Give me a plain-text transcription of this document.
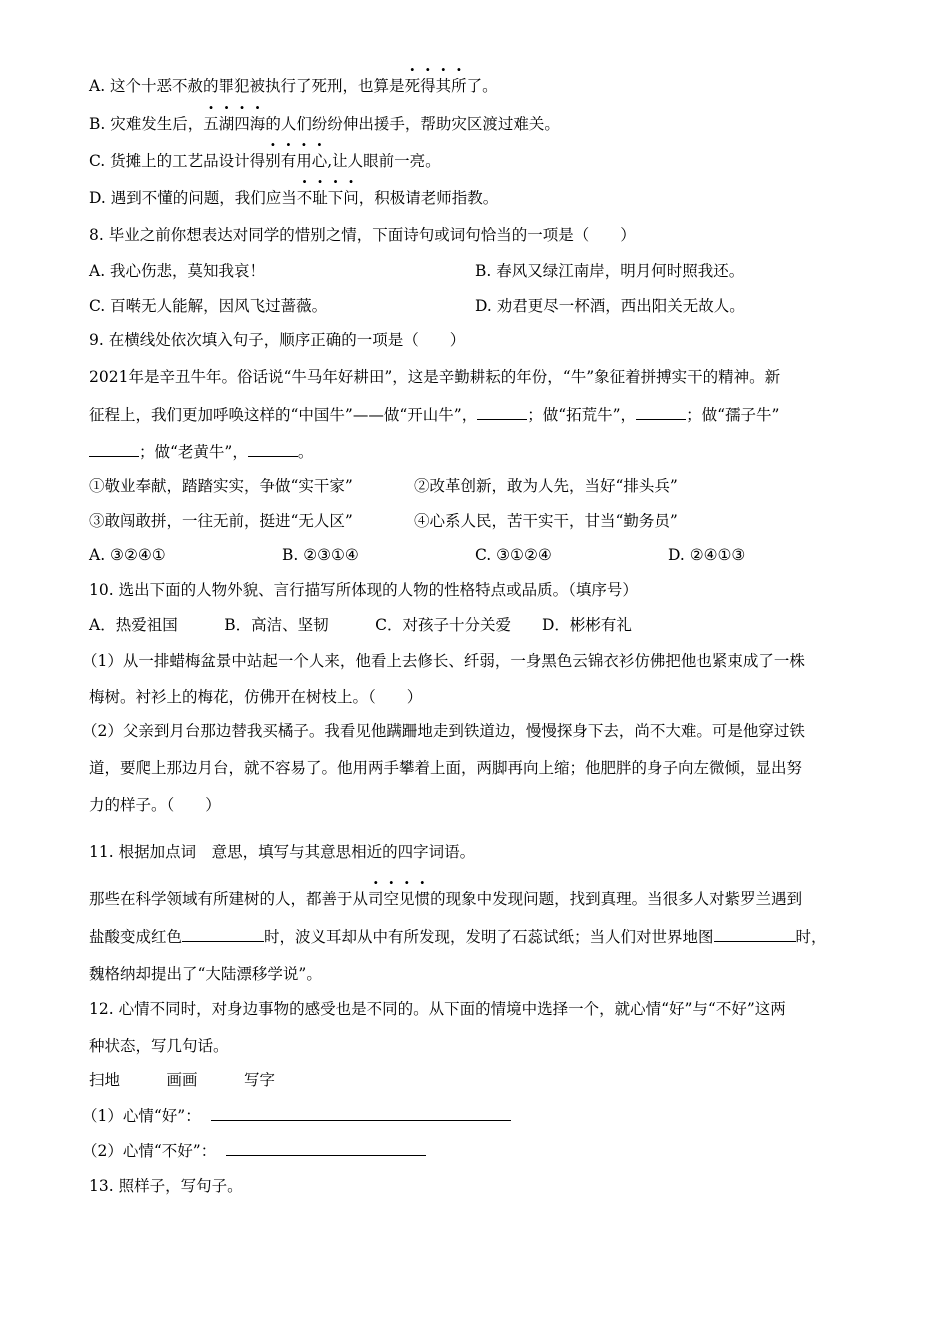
A. 这个十恶不赦的罪犯被执行了死刑，也算是死得其所了。
B. 灾难发生后，五湖四海的人们纷纷伸出援手，帮助灾区渡过难关。
C. 货摊上的工艺品设计得别有用心,让人眼前一亮。
D. 遇到不懂的问题，我们应当不耻下问，积极请老师指教。
8. 毕业之前你想表达对同学的惜别之情，下面诗句或词句恰当的一项是（　　）
A. 我心伤悲，莫知我哀！	B. 春风又绿江南岸，明月何时照我还。
C. 百啭无人能解，因风飞过蔷薇。	D. 劝君更尽一杯酒，西出阳关无故人。
9. 在横线处依次填入句子，顺序正确的一项是（　　）
2021年是辛丑牛年。俗话说“牛马年好耕田”，这是辛勤耕耘的年份，“牛”象征着拼搏实干的精神。新
征程上，我们更加呼唤这样的“中国牛”——做“开山牛”，	；做“拓荒牛”，	；做“孺子牛”
；做“老黄牛”，	。
①敬业奉献，踏踏实实，争做“实干家”	②改革创新，敢为人先，当好“排头兵”
③敢闯敢拼，一往无前，挺进“无人区”	④心系人民，苦干实干，甘当“勤务员”
A. ③②④①	B. ②③①④	C. ③①②④	D. ②④①③
10. 选出下面的人物外貌、言行描写所体现的人物的性格特点或品质。（填序号）
A．热爱祖国　　　B．高洁、坚韧　　　C．对孩子十分关爱　　D．彬彬有礼
（1）从一排蜡梅盆景中站起一个人来，他看上去修长、纤弱，一身黑色云锦衣衫仿佛把他也紧束成了一株
梅树。衬衫上的梅花，仿佛开在树枝上。（　　）
（2）父亲到月台那边替我买橘子。我看见他蹒跚地走到铁道边，慢慢探身下去，尚不大难。可是他穿过铁
道，要爬上那边月台，就不容易了。他用两手攀着上面，两脚再向上缩；他肥胖的身子向左微倾，显出努
力的样子。（　　）
11. 根据加点词　意思，填写与其意思相近的四字词语。
那些在科学领域有所建树的人，都善于从司空见惯的现象中发现问题，找到真理。当很多人对紫罗兰遇到
盐酸变成红色	时，波义耳却从中有所发现，发明了石蕊试纸；当人们对世界地图	时，
魏格纳却提出了“大陆漂移学说”。
12. 心情不同时，对身边事物的感受也是不同的。从下面的情境中选择一个，就心情“好”与“不好”这两
种状态，写几句话。
扫地　　　画画　　　写字
（1）心情“好”：
（2）心情“不好”：
13. 照样子，写句子。
